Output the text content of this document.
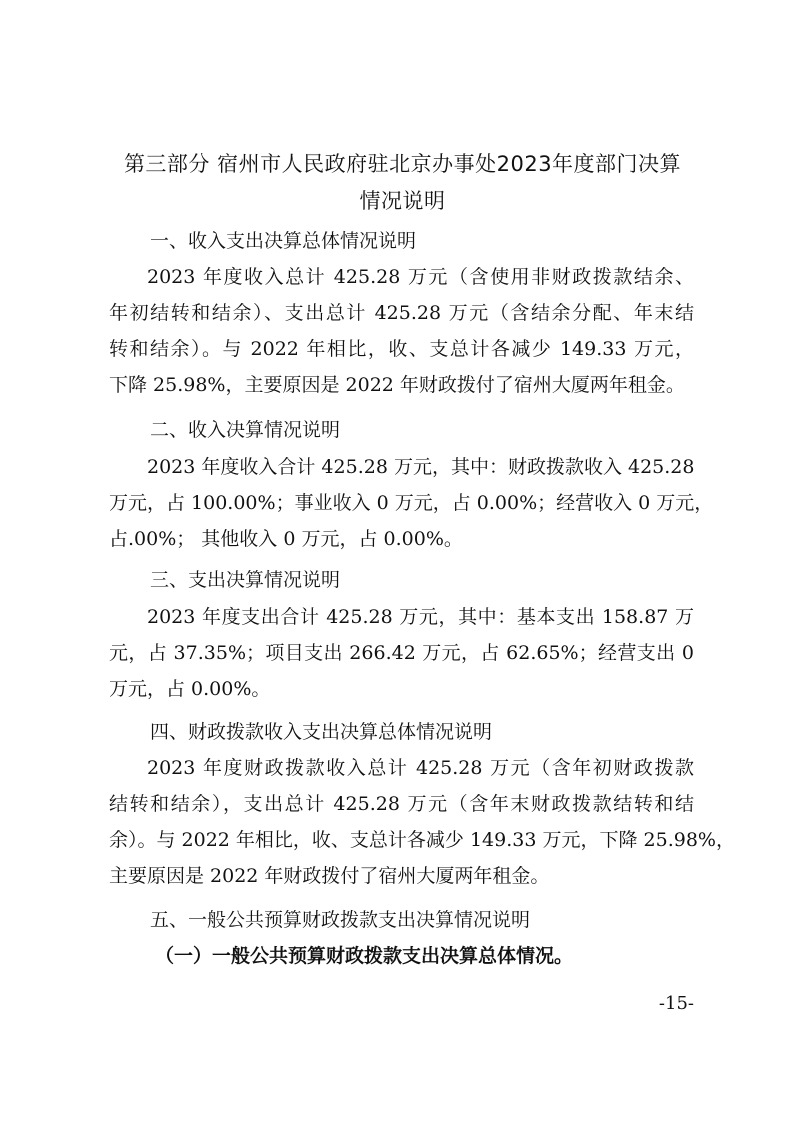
第三部分 宿州市人民政府驻北京办事处2023年度部门决算
情况说明
一、收入支出决算总体情况说明
2023 年度收入总计 425.28 万元（含使用非财政拨款结余、
年初结转和结余）、支出总计 425.28 万元（含结余分配、年末结
转和结余）。与 2022 年相比，收、支总计各减少 149.33 万元，
下降 25.98%，主要原因是 2022 年财政拨付了宿州大厦两年租金。
二、收入决算情况说明
2023 年度收入合计 425.28 万元，其中：财政拨款收入 425.28
万元，占 100.00%；事业收入 0 万元，占 0.00%；经营收入 0 万元，
占.00%； 其他收入 0 万元，占 0.00%。
三、支出决算情况说明
2023 年度支出合计 425.28 万元，其中：基本支出 158.87 万
元，占 37.35%；项目支出 266.42 万元，占 62.65%；经营支出 0
万元，占 0.00%。
四、财政拨款收入支出决算总体情况说明
2023 年度财政拨款收入总计 425.28 万元（含年初财政拨款
结转和结余），支出总计 425.28 万元（含年末财政拨款结转和结
余）。与 2022 年相比，收、支总计各减少 149.33 万元，下降 25.98%，
主要原因是 2022 年财政拨付了宿州大厦两年租金。
五、一般公共预算财政拨款支出决算情况说明
（一）一般公共预算财政拨款支出决算总体情况。
-15-
